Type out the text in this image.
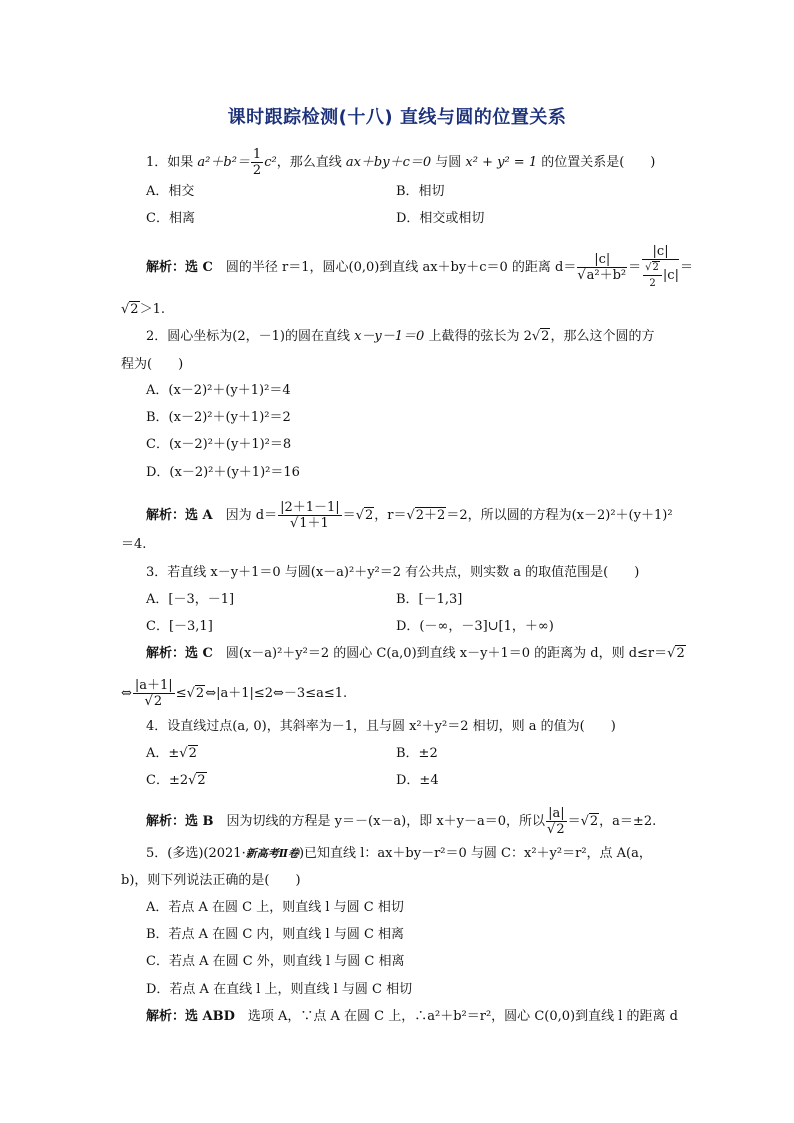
课时跟踪检测(十八) 直线与圆的位置关系
1．如果 $a^2+b^2= \frac{1}{2} c^2$，那么直线 ax＋by＋c＝0 与圆 x² + y² = 1 的位置关系是(　　)
A．相交	B．相切
C．相离	D．相交或相切
解析：选 C　圆的半径 r＝1，圆心(0,0)到直线 ax＋by＋c＝0 的距离 $d= \frac{|c|}{\text{√a²＋b²}} = \frac{|c|}{\frac{√2}{2} |c|}$ ＝
√2＞1.
2．圆心坐标为(2，－1)的圆在直线 x－y－1＝0 上截得的弦长为 2√2，那么这个圆的方
程为(　　)
A．(x－2)²＋(y＋1)²＝4
B．(x－2)²＋(y＋1)²＝2
C．(x－2)²＋(y＋1)²＝8
D．(x－2)²＋(y＋1)²＝16
解析：选 A　因为 $d= \frac{|2+1-1|}{√1+1} =√2$，r＝√2＋2＝2，所以圆的方程为(x－2)²＋(y＋1)²
＝4.
3．若直线 x－y＋1＝0 与圆(x－a)²＋y²＝2 有公共点，则实数 a 的取值范围是(　　)
A．[－3，－1]	B．[－1,3]
C．[－3,1]	D．(－∞，－3]∪[1，＋∞)
解析：选 C　圆(x－a)²＋y²＝2 的圆心 C(a,0)到直线 x－y＋1＝0 的距离为 d，则 d≤r＝√2
⇔ $\frac{|a+1|}{√2}$ ≤√2⇔|a＋1|≤2⇔－3≤a≤1.
4．设直线过点(a, 0)，其斜率为－1，且与圆 x²＋y²＝2 相切，则 a 的值为(　　)
A．±√2	B．±2
C．±2√2	D．±4
解析：选 B　因为切线的方程是 y＝－(x－a)，即 x＋y－a＝0，所以 $\frac{|a|}{√2} =√2$，a＝±2.
5．(多选)(2021·新高考Ⅱ卷)已知直线 l：ax＋by－r²＝0 与圆 C：x²＋y²＝r²，点 A(a，
b)，则下列说法正确的是(　　)
A．若点 A 在圆 C 上，则直线 l 与圆 C 相切
B．若点 A 在圆 C 内，则直线 l 与圆 C 相离
C．若点 A 在圆 C 外，则直线 l 与圆 C 相离
D．若点 A 在直线 l 上，则直线 l 与圆 C 相切
解析：选 ABD　选项 A，∵点 A 在圆 C 上，∴a²＋b²＝r²，圆心 C(0,0)到直线 l 的距离 d
